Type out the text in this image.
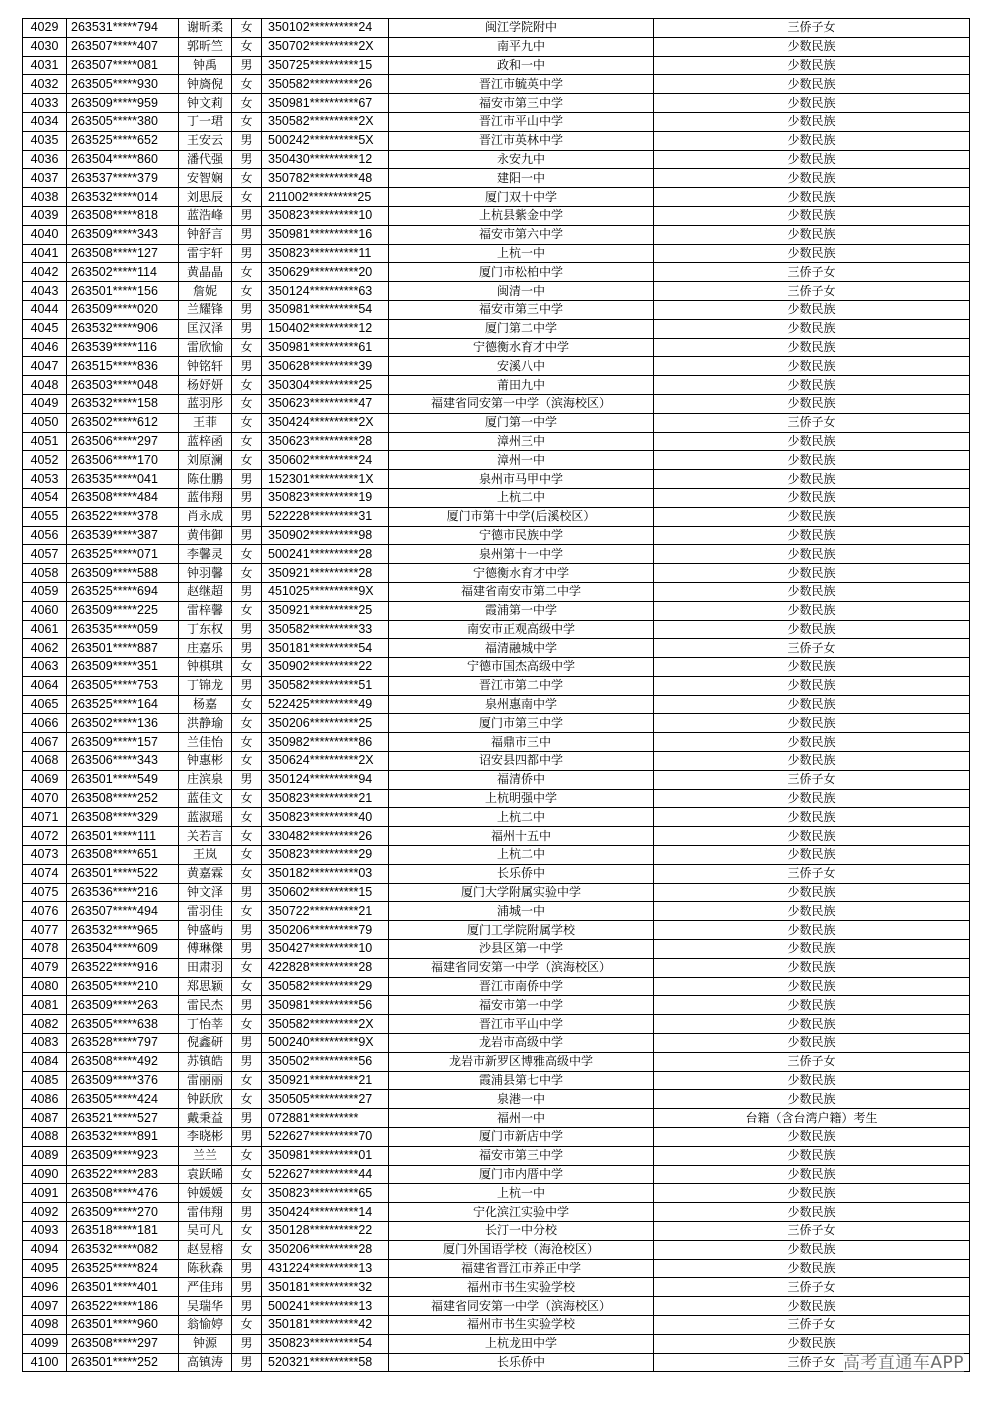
4029	263531*****794	谢昕柔	女	350102**********24	闽江学院附中	三侨子女
4030	263507*****407	郭昕竺	女	350702**********2X	南平九中	少数民族
4031	263507*****081	钟禹	男	350725**********15	政和一中	少数民族
4032	263505*****930	钟旖倪	女	350582**********26	晋江市毓英中学	少数民族
4033	263509*****959	钟文莉	女	350981**********67	福安市第三中学	少数民族
4034	263505*****380	丁一珺	女	350582**********2X	晋江市平山中学	少数民族
4035	263525*****652	王安云	男	500242**********5X	晋江市英林中学	少数民族
4036	263504*****860	潘代强	男	350430**********12	永安九中	少数民族
4037	263537*****379	安智娴	女	350782**********48	建阳一中	少数民族
4038	263532*****014	刘思辰	女	211002**********25	厦门双十中学	少数民族
4039	263508*****818	蓝浩峰	男	350823**********10	上杭县紫金中学	少数民族
4040	263509*****343	钟舒言	男	350981**********16	福安市第六中学	少数民族
4041	263508*****127	雷宇轩	男	350823**********11	上杭一中	少数民族
4042	263502*****114	黄晶晶	女	350629**********20	厦门市松柏中学	三侨子女
4043	263501*****156	詹妮	女	350124**********63	闽清一中	三侨子女
4044	263509*****020	兰耀锋	男	350981**********54	福安市第三中学	少数民族
4045	263532*****906	匡汉泽	男	150402**********12	厦门第二中学	少数民族
4046	263539*****116	雷欣愉	女	350981**********61	宁德衡水育才中学	少数民族
4047	263515*****836	钟铭轩	男	350628**********39	安溪八中	少数民族
4048	263503*****048	杨妤妍	女	350304**********25	莆田九中	少数民族
4049	263532*****158	蓝羽彤	女	350623**********47	福建省同安第一中学（滨海校区）	少数民族
4050	263502*****612	王菲	女	350424**********2X	厦门第一中学	三侨子女
4051	263506*****297	蓝梓函	女	350623**********28	漳州三中	少数民族
4052	263506*****170	刘原澜	女	350602**********24	漳州一中	少数民族
4053	263535*****041	陈仕鹏	男	152301**********1X	泉州市马甲中学	少数民族
4054	263508*****484	蓝伟翔	男	350823**********19	上杭二中	少数民族
4055	263522*****378	肖永成	男	522228**********31	厦门市第十中学(后溪校区）	少数民族
4056	263539*****387	黄伟御	男	350902**********98	宁德市民族中学	少数民族
4057	263525*****071	李馨灵	女	500241**********28	泉州第十一中学	少数民族
4058	263509*****588	钟羽馨	女	350921**********28	宁德衡水育才中学	少数民族
4059	263525*****694	赵继超	男	451025**********9X	福建省南安市第二中学	少数民族
4060	263509*****225	雷梓馨	女	350921**********25	霞浦第一中学	少数民族
4061	263535*****059	丁东权	男	350582**********33	南安市正观高级中学	少数民族
4062	263501*****887	庄嘉乐	男	350181**********54	福清融城中学	三侨子女
4063	263509*****351	钟棋琪	女	350902**********22	宁德市国杰高级中学	少数民族
4064	263505*****753	丁锦龙	男	350582**********51	晋江市第二中学	少数民族
4065	263525*****164	杨嘉	女	522425**********49	泉州惠南中学	少数民族
4066	263502*****136	洪静瑜	女	350206**********25	厦门市第三中学	少数民族
4067	263509*****157	兰佳怡	女	350982**********86	福鼎市三中	少数民族
4068	263506*****343	钟惠彬	女	350624**********2X	诏安县四都中学	少数民族
4069	263501*****549	庄滨泉	男	350124**********94	福清侨中	三侨子女
4070	263508*****252	蓝佳文	女	350823**********21	上杭明强中学	少数民族
4071	263508*****329	蓝淑瑶	女	350823**********40	上杭二中	少数民族
4072	263501*****111	关若言	女	330482**********26	福州十五中	少数民族
4073	263508*****651	王岚	女	350823**********29	上杭二中	少数民族
4074	263501*****522	黄嘉霖	女	350182**********03	长乐侨中	三侨子女
4075	263536*****216	钟文泽	男	350602**********15	厦门大学附属实验中学	少数民族
4076	263507*****494	雷羽佳	女	350722**********21	浦城一中	少数民族
4077	263532*****965	钟盛屿	男	350206**********79	厦门工学院附属学校	少数民族
4078	263504*****609	傅琳傑	男	350427**********10	沙县区第一中学	少数民族
4079	263522*****916	田肃羽	女	422828**********28	福建省同安第一中学（滨海校区）	少数民族
4080	263505*****210	郑思颖	女	350582**********29	晋江市南侨中学	少数民族
4081	263509*****263	雷民杰	男	350981**********56	福安市第一中学	少数民族
4082	263505*****638	丁怡莘	女	350582**********2X	晋江市平山中学	少数民族
4083	263528*****797	倪鑫研	男	500240**********9X	龙岩市高级中学	少数民族
4084	263508*****492	苏镇皓	男	350502**********56	龙岩市新罗区博雅高级中学	三侨子女
4085	263509*****376	雷丽丽	女	350921**********21	霞浦县第七中学	少数民族
4086	263505*****424	钟跃欣	女	350505**********27	泉港一中	少数民族
4087	263521*****527	戴秉益	男	072881**********	福州一中	台籍（含台湾户籍）考生
4088	263532*****891	李晓彬	男	522627**********70	厦门市新店中学	少数民族
4089	263509*****923	兰兰	女	350981**********01	福安市第三中学	少数民族
4090	263522*****283	袁跃晞	女	522627**********44	厦门市内厝中学	少数民族
4091	263508*****476	钟媛媛	女	350823**********65	上杭一中	少数民族
4092	263509*****270	雷伟翔	男	350424**********14	宁化滨江实验中学	少数民族
4093	263518*****181	吴可凡	女	350128**********22	长汀一中分校	三侨子女
4094	263532*****082	赵昱榕	女	350206**********28	厦门外国语学校（海沧校区）	少数民族
4095	263525*****824	陈秋森	男	431224**********13	福建省晋江市养正中学	少数民族
4096	263501*****401	严佳玮	男	350181**********32	福州市书生实验学校	三侨子女
4097	263522*****186	吴瑞华	男	500241**********13	福建省同安第一中学（滨海校区）	少数民族
4098	263501*****960	翁愉婷	女	350181**********42	福州市书生实验学校	三侨子女
4099	263508*****297	钟源	男	350823**********54	上杭龙田中学	少数民族
4100	263501*****252	高镇涛	男	520321**********58	长乐侨中	三侨子女 高考直通车APP
